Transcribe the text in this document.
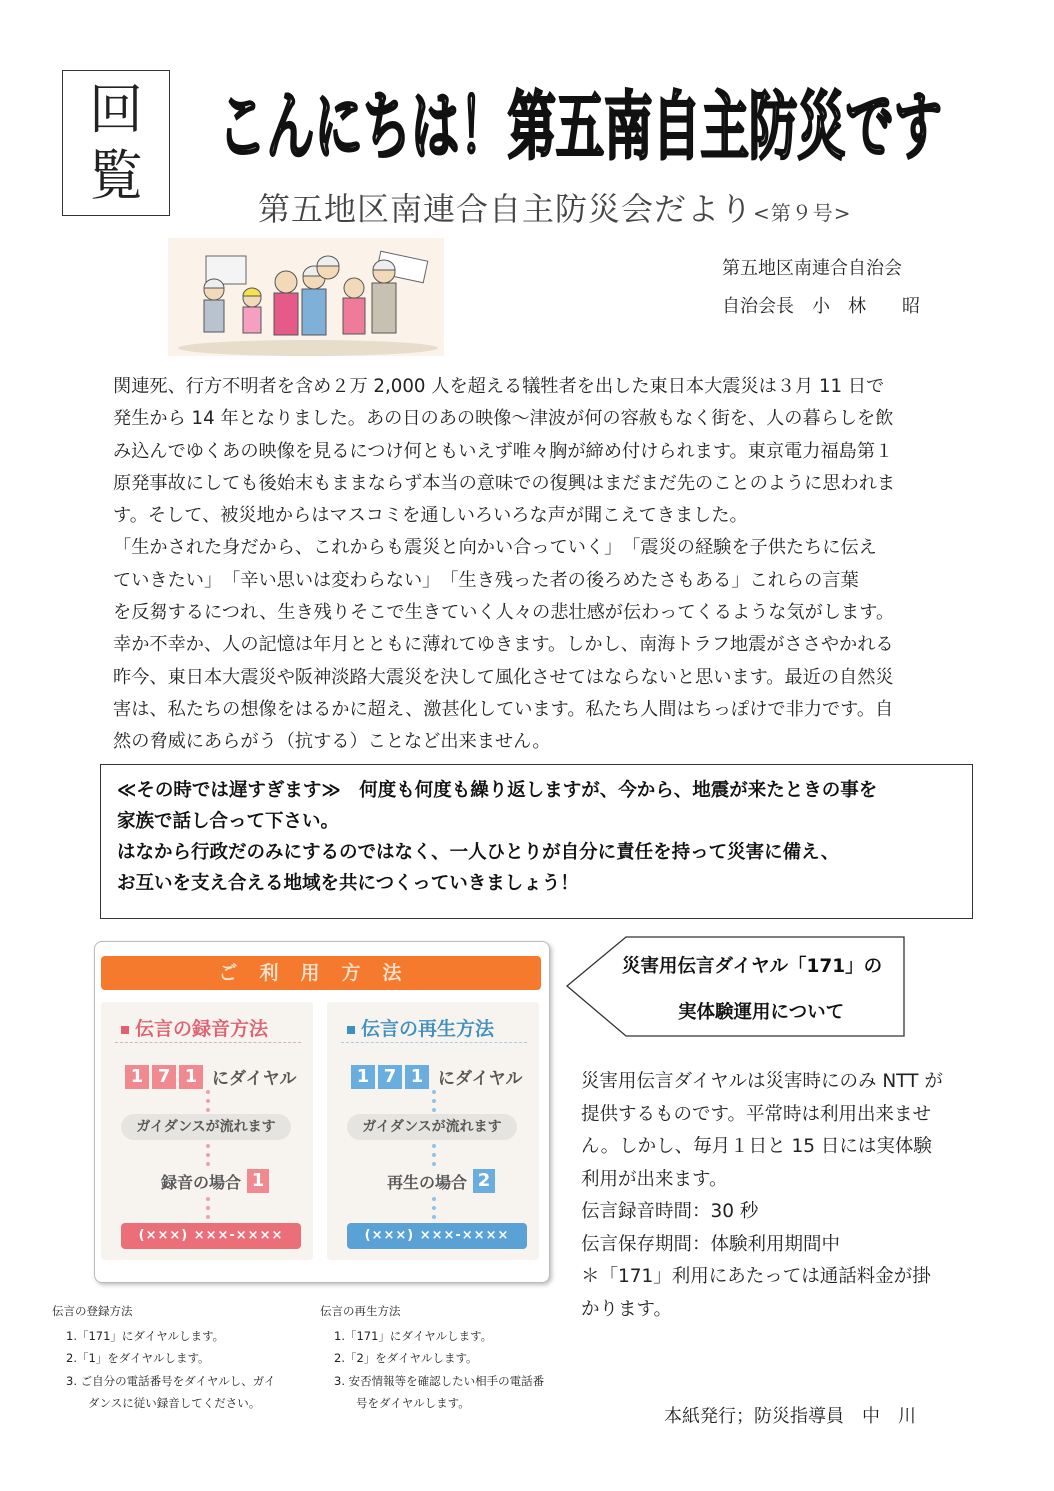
回
覧
こんにちは！第五南自主防災です
第五地区南連合自主防災会だより<第９号>
第五地区南連合自治会
自治会長 小　林　　昭

関連死、行方不明者を含め２万 2,000 人を超える犠牲者を出した東日本大震災は３月 11 日で

発生から 14 年となりました。あの日のあの映像～津波が何の容赦もなく街を、人の暮らしを飲

み込んでゆくあの映像を見るにつけ何ともいえず唯々胸が締め付けられます。東京電力福島第１

原発事故にしても後始末もままならず本当の意味での復興はまだまだ先のことのように思われま

す。そして、被災地からはマスコミを通しいろいろな声が聞こえてきました。

「生かされた身だから、これからも震災と向かい合っていく」　「震災の経験を子供たちに伝え

ていきたい」　「辛い思いは変わらない」　「生き残った者の後ろめたさもある」これらの言葉

を反芻するにつれ、生き残りそこで生きていく人々の悲壮感が伝わってくるような気がします。

幸か不幸か、人の記憶は年月とともに薄れてゆきます。しかし、南海トラフ地震がささやかれる

昨今、東日本大震災や阪神淡路大震災を決して風化させてはならないと思います。最近の自然災

害は、私たちの想像をはるかに超え、激甚化しています。私たち人間はちっぽけで非力です。自

然の脅威にあらがう（抗する）ことなど出来ません。

≪その時では遅すぎます≫　何度も何度も繰り返しますが、今から、地震が来たときの事を

家族で話し合って下さい。

はなから行政だのみにするのではなく、一人ひとりが自分に責任を持って災害に備え、

お互いを支え合える地域を共につくっていきましょう！

ご利用方法
伝言の録音方法
1 7 1 にダイヤル
ガイダンスが流れます
録音の場合 1
(×××) ×××-××××
伝言の再生方法
1 7 1 にダイヤル
ガイダンスが流れます
再生の場合 2
(×××) ×××-××××
災害用伝言ダイヤル「171」の
実体験運用について

災害用伝言ダイヤルは災害時にのみ NTT が

提供するものです。平常時は利用出来ませ

ん。しかし、毎月１日と 15 日には実体験

利用が出来ます。

伝言録音時間：30 秒

伝言保存期間：体験利用期間中

＊「171」利用にあたっては通話料金が掛

かります。

伝言の登録方法
1.「171」にダイヤルします。
2.「1」をダイヤルします。
3. ご自分の電話番号をダイヤルし、ガイ
ダンスに従い録音してください。
伝言の再生方法
1.「171」にダイヤルします。
2.「2」をダイヤルします。
3. 安否情報等を確認したい相手の電話番
号をダイヤルします。
本紙発行；防災指導員　中　川
